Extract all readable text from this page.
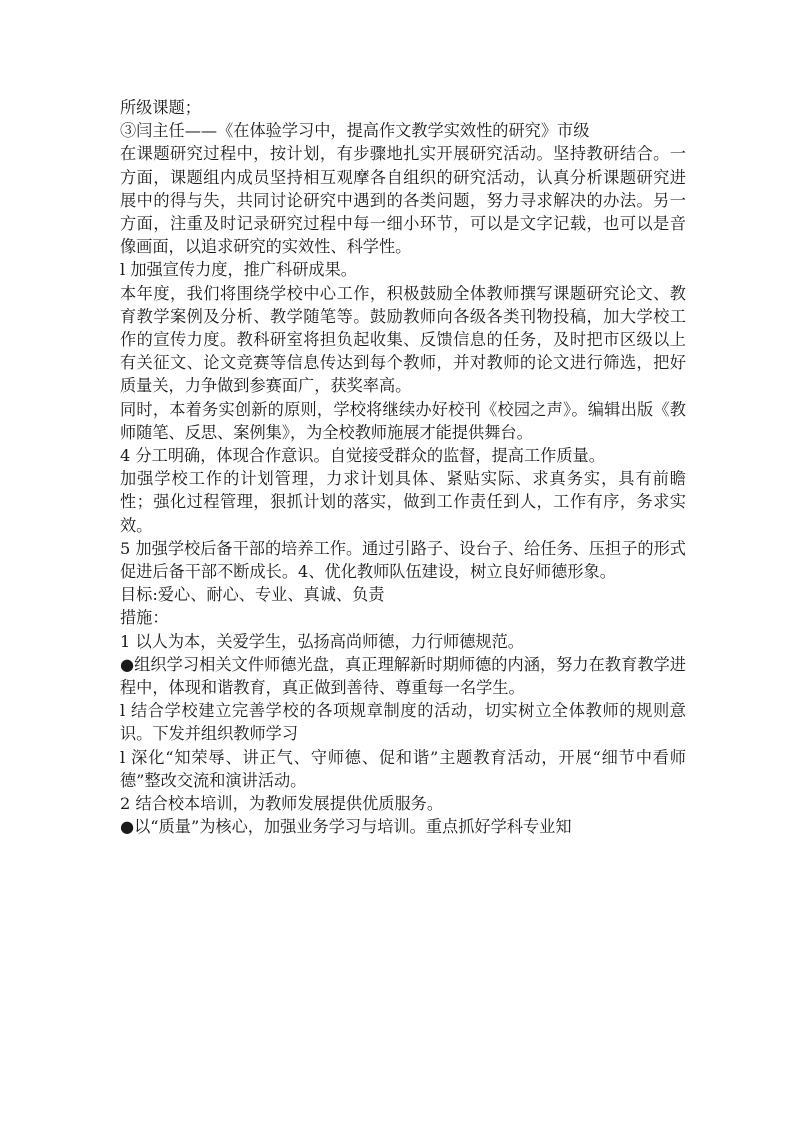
所级课题；

③闫主任——《在体验学习中，提高作文教学实效性的研究》市级

在课题研究过程中，按计划，有步骤地扎实开展研究活动。坚持教研结合。一方面，课题组内成员坚持相互观摩各自组织的研究活动，认真分析课题研究进展中的得与失，共同讨论研究中遇到的各类问题，努力寻求解决的办法。另一方面，注重及时记录研究过程中每一细小环节，可以是文字记载，也可以是音像画面，以追求研究的实效性、科学性。

l 加强宣传力度，推广科研成果。

本年度，我们将围绕学校中心工作，积极鼓励全体教师撰写课题研究论文、教育教学案例及分析、教学随笔等。鼓励教师向各级各类刊物投稿，加大学校工作的宣传力度。教科研室将担负起收集、反馈信息的任务，及时把市区级以上有关征文、论文竞赛等信息传达到每个教师，并对教师的论文进行筛选，把好质量关，力争做到参赛面广，获奖率高。

同时，本着务实创新的原则，学校将继续办好校刊《校园之声》。编辑出版《教师随笔、反思、案例集》，为全校教师施展才能提供舞台。

4 分工明确，体现合作意识。自觉接受群众的监督，提高工作质量。

加强学校工作的计划管理，力求计划具体、紧贴实际、求真务实，具有前瞻性；强化过程管理，狠抓计划的落实，做到工作责任到人，工作有序，务求实效。

5 加强学校后备干部的培养工作。通过引路子、设台子、给任务、压担子的形式促进后备干部不断成长。4、优化教师队伍建设，树立良好师德形象。

目标:爱心、耐心、专业、真诚、负责

措施：

1 以人为本，关爱学生，弘扬高尚师德，力行师德规范。

●组织学习相关文件师德光盘，真正理解新时期师德的内涵，努力在教育教学进程中，体现和谐教育，真正做到善待、尊重每一名学生。

l 结合学校建立完善学校的各项规章制度的活动，切实树立全体教师的规则意识。下发并组织教师学习

l 深化“知荣辱、讲正气、守师德、促和谐”主题教育活动，开展“细节中看师德”整改交流和演讲活动。

2 结合校本培训，为教师发展提供优质服务。

●以“质量”为核心，加强业务学习与培训。重点抓好学科专业知
